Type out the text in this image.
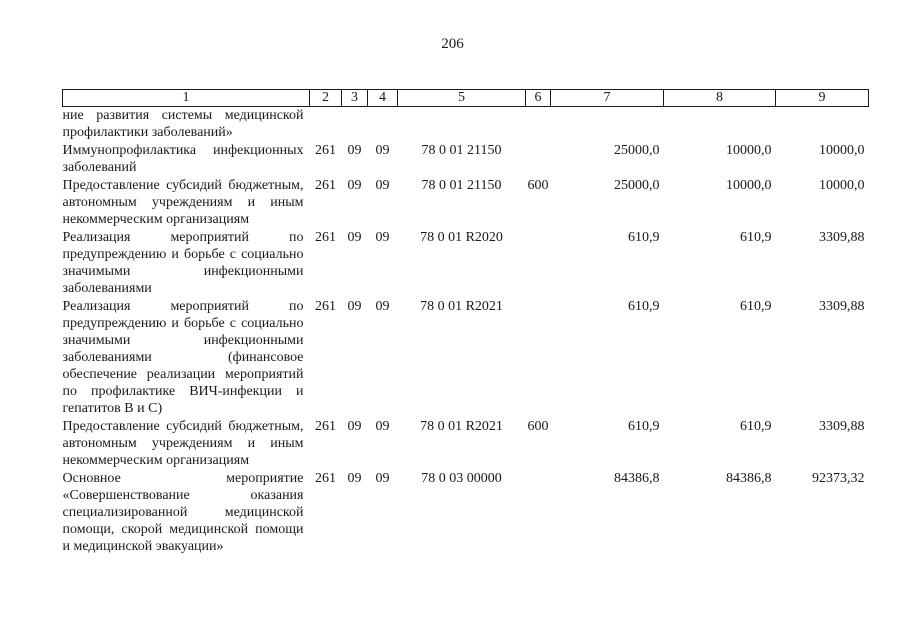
206
1	2	3	4	5	6	7	8	9
ние развития системы медицинской профилактики заболеваний»								
Иммунопрофилактика инфекционных заболеваний	261	09	09	78 0 01 21150		25000,0	10000,0	10000,0
Предоставление субсидий бюджетным, автономным учреждениям и иным некоммерческим организациям	261	09	09	78 0 01 21150	600	25000,0	10000,0	10000,0
Реализация мероприятий по предупреждению и борьбе с социально значимыми инфекционными заболеваниями	261	09	09	78 0 01 R2020		610,9	610,9	3309,88
Реализация мероприятий по предупреждению и борьбе с социально значимыми инфекционными заболеваниями (финансовое обеспечение реализации мероприятий по профилактике ВИЧ-инфекции и гепатитов В и С)	261	09	09	78 0 01 R2021		610,9	610,9	3309,88
Предоставление субсидий бюджетным, автономным учреждениям и иным некоммерческим организациям	261	09	09	78 0 01 R2021	600	610,9	610,9	3309,88
Основное мероприятие «Совершенствование оказания специализированной медицинской помощи, скорой медицинской помощи и медицинской эвакуации»	261	09	09	78 0 03 00000		84386,8	84386,8	92373,32
